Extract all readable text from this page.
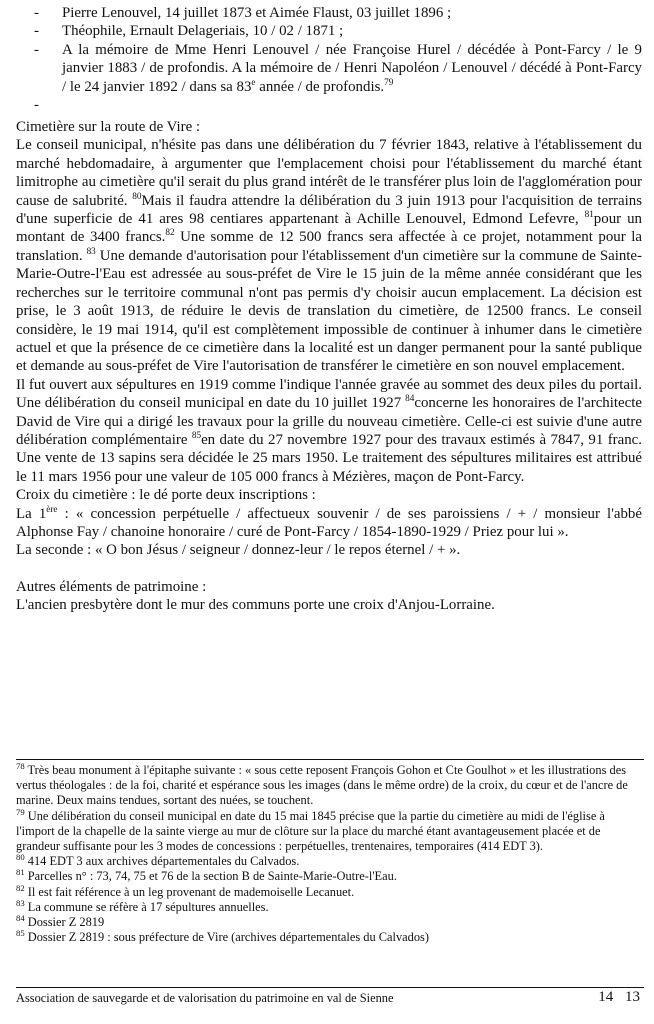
- Pierre Lenouvel, 14 juillet 1873 et Aimée Flaust, 03 juillet 1896 ;

- Théophile, Ernault Delageriais, 10 / 02 / 1871 ;

- A la mémoire de Mme Henri Lenouvel / née Françoise Hurel / décédée à Pont-Farcy / le 9 janvier 1883 / de profondis. A la mémoire de / Henri Napoléon / Lenouvel / décédé à Pont-Farcy / le 24 janvier 1892 / dans sa 83e année / de profondis.$^{79}$

-

Cimetière sur la route de Vire :

Le conseil municipal, n'hésite pas dans une délibération du 7 février 1843, relative à l'établissement du marché hebdomadaire, à argumenter que l'emplacement choisi pour l'établissement du marché étant limitrophe au cimetière qu'il serait du plus grand intérêt de le transférer plus loin de l'agglomération pour cause de salubrité. $^{80}$Mais il faudra attendre la délibération du 3 juin 1913 pour l'acquisition de terrains d'une superficie de 41 ares 98 centiares appartenant à Achille Lenouvel, Edmond Lefevre, $^{81}$pour un montant de 3400 francs.$^{82}$ Une somme de 12 500 francs sera affectée à ce projet, notamment pour la translation. $^{83}$ Une demande d'autorisation pour l'établissement d'un cimetière sur la commune de Sainte-Marie-Outre-l'Eau est adressée au sous-préfet de Vire le 15 juin de la même année considérant que les recherches sur le territoire communal n'ont pas permis d'y choisir aucun emplacement. La décision est prise, le 3 août 1913, de réduire le devis de translation du cimetière, de 12500 francs. Le conseil considère, le 19 mai 1914, qu'il est complètement impossible de continuer à inhumer dans le cimetière actuel et que la présence de ce cimetière dans la localité est un danger permanent pour la santé publique et demande au sous-préfet de Vire l'autorisation de transférer le cimetière en son nouvel emplacement.

Il fut ouvert aux sépultures en 1919 comme l'indique l'année gravée au sommet des deux piles du portail. Une délibération du conseil municipal en date du 10 juillet 1927 $^{84}$concerne les honoraires de l'architecte David de Vire qui a dirigé les travaux pour la grille du nouveau cimetière. Celle-ci est suivie d'une autre délibération complémentaire $^{85}$en date du 27 novembre 1927 pour des travaux estimés à 7847, 91 franc. Une vente de 13 sapins sera décidée le 25 mars 1950. Le traitement des sépultures militaires est attribué le 11 mars 1956 pour une valeur de 105 000 francs à Mézières, maçon de Pont-Farcy.

Croix du cimetière : le dé porte deux inscriptions :

La 1ère : « concession perpétuelle / affectueux souvenir / de ses paroissiens / + / monsieur l'abbé Alphonse Fay / chanoine honoraire / curé de Pont-Farcy / 1854-1890-1929 / Priez pour lui ».

La seconde : « O bon Jésus / seigneur / donnez-leur / le repos éternel / + ».

Autres éléments de patrimoine :

L'ancien presbytère dont le mur des communs porte une croix d'Anjou-Lorraine.

$^{78}$ Très beau monument à l'épitaphe suivante : « sous cette reposent François Gohon et Cte Goulhot » et les illustrations des vertus théologales : de la foi, charité et espérance sous les images (dans le même ordre) de la croix, du cœur et de l'ancre de marine. Deux mains tendues, sortant des nuées, se touchent.

$^{79}$ Une délibération du conseil municipal en date du 15 mai 1845 précise que la partie du cimetière au midi de l'église à l'import de la chapelle de la sainte vierge au mur de clôture sur la place du marché étant avantageusement placée et de grandeur suffisante pour les 3 modes de concessions : perpétuelles, trentenaires, temporaires (414 EDT 3).

$^{80}$ 414 EDT 3 aux archives départementales du Calvados.

$^{81}$ Parcelles n° : 73, 74, 75 et 76 de la section B de Sainte-Marie-Outre-l'Eau.

$^{82}$ Il est fait référence à un leg provenant de mademoiselle Lecanuet.

$^{83}$ La commune se réfère à 17 sépultures annuelles.

$^{84}$ Dossier Z 2819

$^{85}$ Dossier Z 2819 : sous préfecture de Vire (archives départementales du Calvados)

Association de sauvegarde et de valorisation du patrimoine en val de Sienne	14 13
